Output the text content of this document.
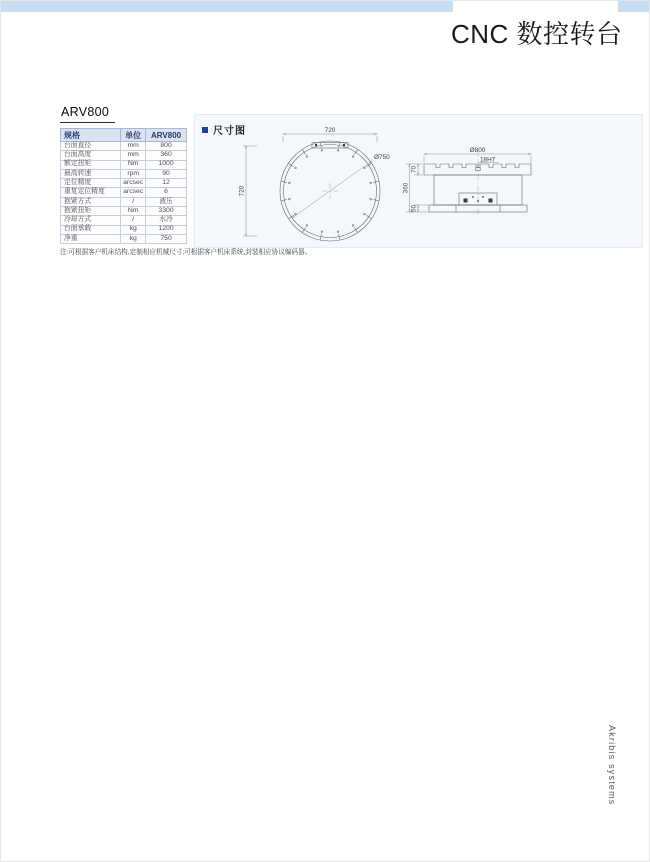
CNC 数控转台
ARV800
规格	单位	ARV800
台面直径	mm	800
台面高度	mm	360
额定扭矩	Nm	1000
最高转速	rpm	90
定位精度	arcsec	12
重复定位精度	arcsec	6
抱紧方式	/	液压
抱紧扭矩	Nm	3300
冷却方式	/	水冷
台面承载	kg	1200
净重	kg	750
注:可根据客户机床结构,定制相应机械尺寸;可根据客户机床系统,封装相应协议编码器。
尺寸图	720
720
Ø750
Ø800
18H7
70
360
50
Akribis systems
